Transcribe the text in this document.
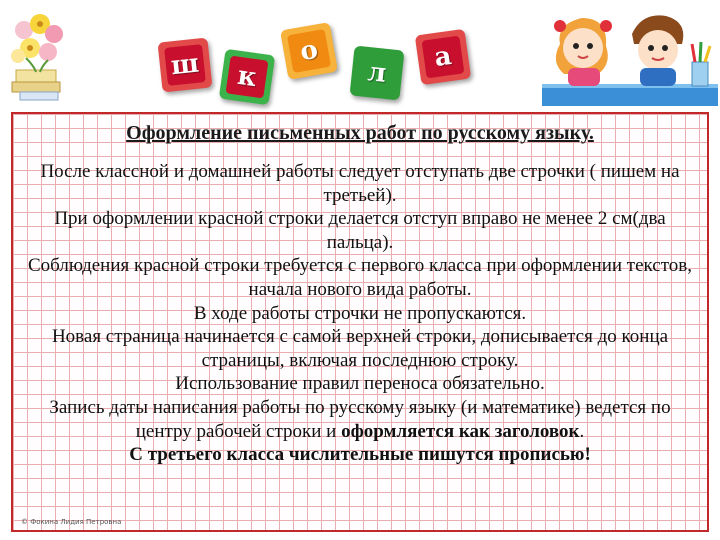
ш	к
о
л	а
Оформление письменных работ по русскому языку.

После классной и домашней работы следует отступать две строчки ( пишем на третьей).

При оформлении красной строки делается отступ вправо не менее 2 см(два пальца).

Соблюдения красной строки требуется с первого класса при оформлении текстов, начала нового вида работы.

В ходе работы строчки не пропускаются.

Новая страница начинается с самой верхней строки, дописывается до конца страницы, включая последнюю строку.

Использование правил переноса обязательно.

Запись даты написания работы по русскому языку (и математике) ведется по центру рабочей строки и оформляется как заголовок.

С третьего класса числительные пишутся прописью!

© Фокина Лидия Петровна
